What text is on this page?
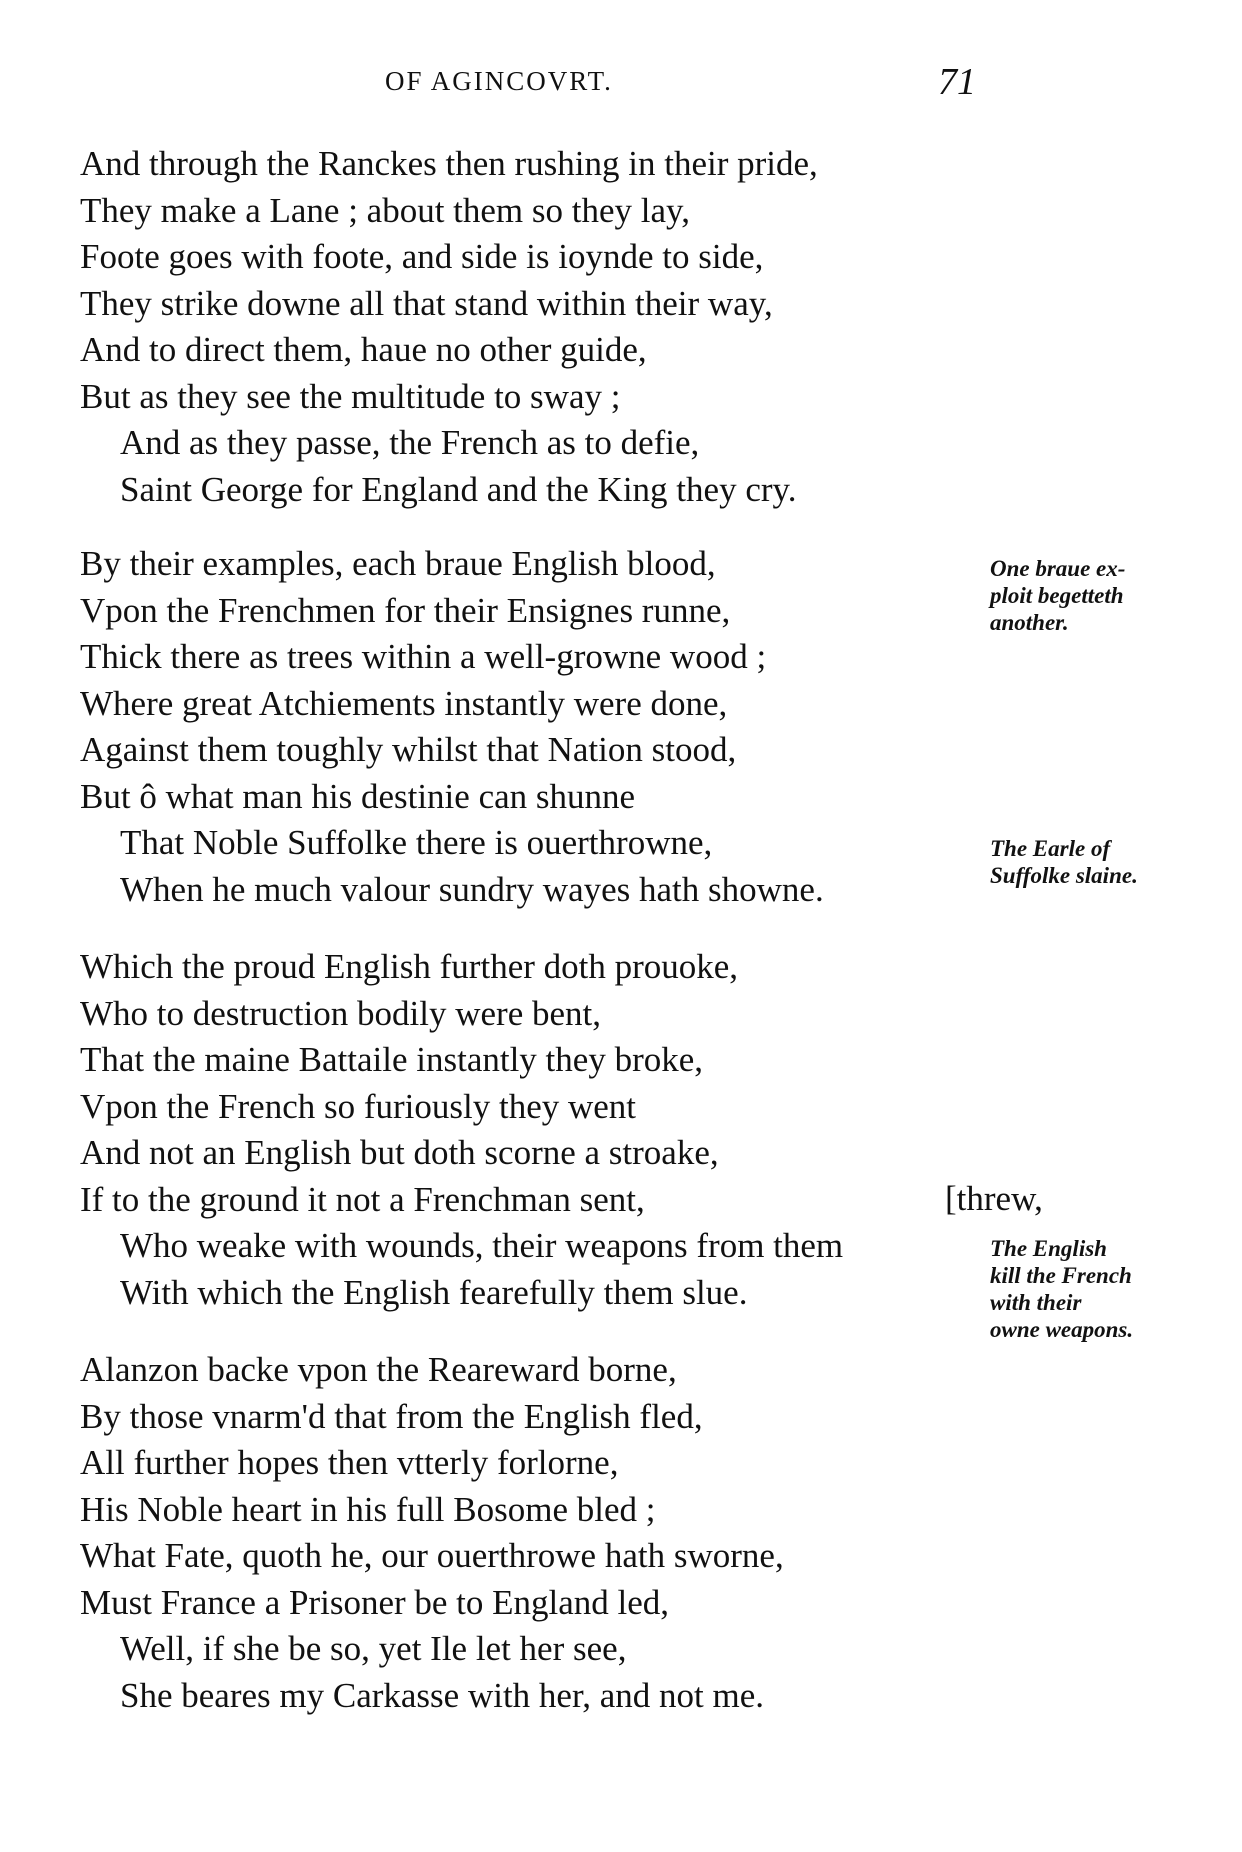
OF AGINCOVRT.	71
And through the Ranckes then rushing in their pride,
They make a Lane ; about them so they lay,
Foote goes with foote, and side is ioynde to side,
They strike downe all that stand within their way,
And to direct them, haue no other guide,
But as they see the multitude to sway ;
And as they passe, the French as to defie,
Saint George for England and the King they cry.
By their examples, each braue English blood,
Vpon the Frenchmen for their Ensignes runne,
Thick there as trees within a well-growne wood ;
Where great Atchiements instantly were done,
Against them toughly whilst that Nation stood,
But ô what man his destinie can shunne
That Noble Suffolke there is ouerthrowne,
When he much valour sundry wayes hath showne.
Which the proud English further doth prouoke,
Who to destruction bodily were bent,
That the maine Battaile instantly they broke,
Vpon the French so furiously they went
And not an English but doth scorne a stroake,
If to the ground it not a Frenchman sent,
Who weake with wounds, their weapons from them
With which the English fearefully them slue.
[threw,
Alanzon backe vpon the Reareward borne,
By those vnarm'd that from the English fled,
All further hopes then vtterly forlorne,
His Noble heart in his full Bosome bled ;
What Fate, quoth he, our ouerthrowe hath sworne,
Must France a Prisoner be to England led,
Well, if she be so, yet Ile let her see,
She beares my Carkasse with her, and not me.
One braue ex-
ploit begetteth
another.
The Earle of
Suffolke slaine.
The English
kill the French
with their
owne weapons.
